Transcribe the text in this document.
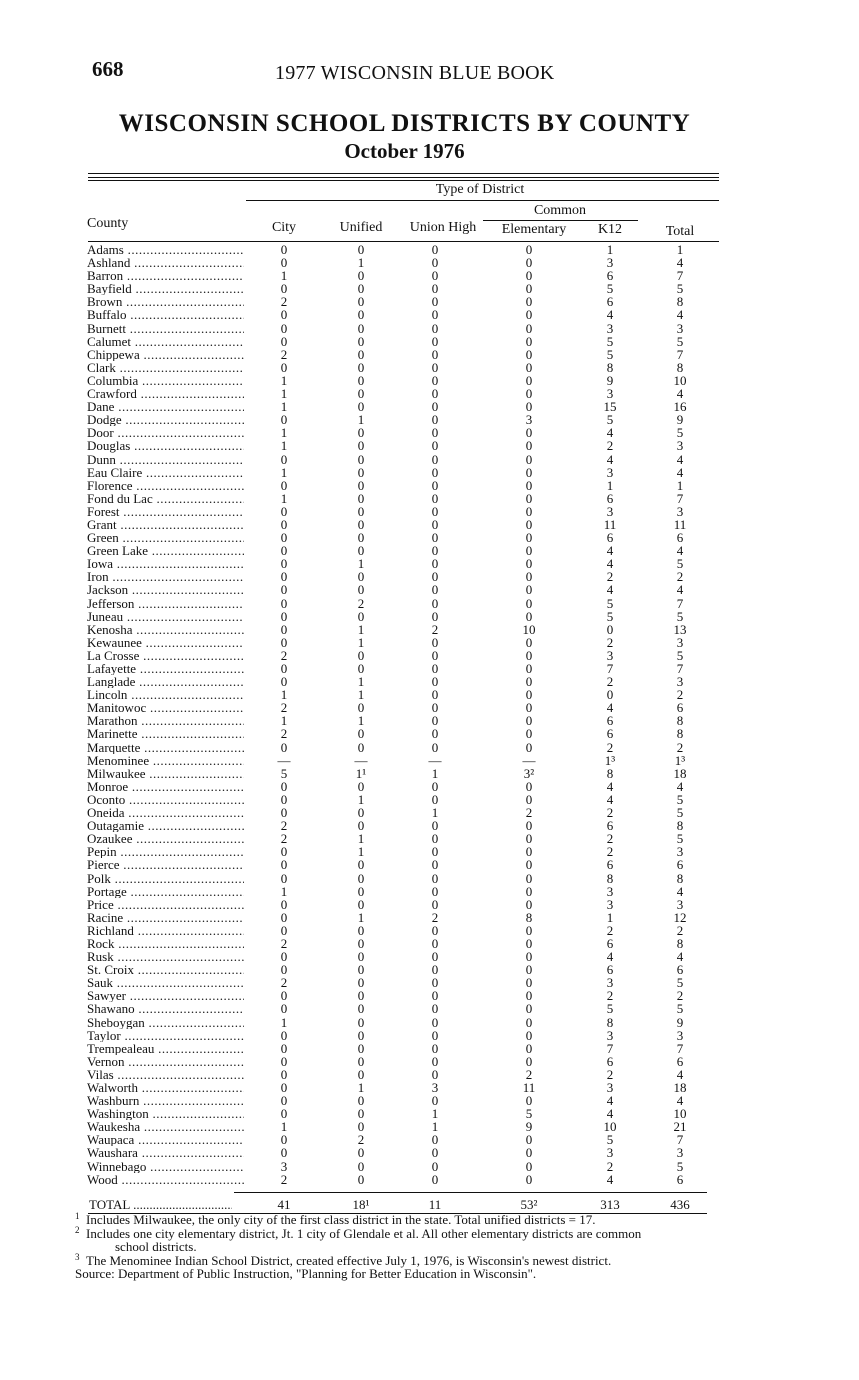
668	1977 WISCONSIN BLUE BOOK
WISCONSIN SCHOOL DISTRICTS BY COUNTY
October 1976
Type of District
Common
County	City	Unified	Union High	Elementary	K12	Total
Adams .....	0	0	0	0	1	1
Ashland .....	0	1	0	0	3	4
Barron .....	1	0	0	0	6	7
Bayfield .....	0	0	0	0	5	5
Brown .....	2	0	0	0	6	8
Buffalo .....	0	0	0	0	4	4
Burnett .....	0	0	0	0	3	3
Calumet .....	0	0	0	0	5	5
Chippewa .....	2	0	0	0	5	7
Clark .....	0	0	0	0	8	8
Columbia .....	1	0	0	0	9	10
Crawford .....	1	0	0	0	3	4
Dane .....	1	0	0	0	15	16
Dodge .....	0	1	0	3	5	9
Door .....	1	0	0	0	4	5
Douglas .....	1	0	0	0	2	3
Dunn .....	0	0	0	0	4	4
Eau Claire .....	1	0	0	0	3	4
Florence .....	0	0	0	0	1	1
Fond du Lac .....	1	0	0	0	6	7
Forest .....	0	0	0	0	3	3
Grant .....	0	0	0	0	11	11
Green .....	0	0	0	0	6	6
Green Lake .....	0	0	0	0	4	4
Iowa .....	0	1	0	0	4	5
Iron .....	0	0	0	0	2	2
Jackson .....	0	0	0	0	4	4
Jefferson .....	0	2	0	0	5	7
Juneau .....	0	0	0	0	5	5
Kenosha .....	0	1	2	10	0	13
Kewaunee .....	0	1	0	0	2	3
La Crosse .....	2	0	0	0	3	5
Lafayette .....	0	0	0	0	7	7
Langlade .....	0	1	0	0	2	3
Lincoln .....	1	1	0	0	0	2
Manitowoc .....	2	0	0	0	4	6
Marathon .....	1	1	0	0	6	8
Marinette .....	2	0	0	0	6	8
Marquette .....	0	0	0	0	2	2
Menominee .....	—	—	—	—	1³	1³
Milwaukee .....	5	1¹	1	3²	8	18
Monroe .....	0	0	0	0	4	4
Oconto .....	0	1	0	0	4	5
Oneida .....	0	0	1	2	2	5
Outagamie .....	2	0	0	0	6	8
Ozaukee .....	2	1	0	0	2	5
Pepin .....	0	1	0	0	2	3
Pierce .....	0	0	0	0	6	6
Polk .....	0	0	0	0	8	8
Portage .....	1	0	0	0	3	4
Price .....	0	0	0	0	3	3
Racine .....	0	1	2	8	1	12
Richland .....	0	0	0	0	2	2
Rock .....	2	0	0	0	6	8
Rusk .....	0	0	0	0	4	4
St. Croix .....	0	0	0	0	6	6
Sauk .....	2	0	0	0	3	5
Sawyer .....	0	0	0	0	2	2
Shawano .....	0	0	0	0	5	5
Sheboygan .....	1	0	0	0	8	9
Taylor .....	0	0	0	0	3	3
Trempealeau .....	0	0	0	0	7	7
Vernon .....	0	0	0	0	6	6
Vilas .....	0	0	0	2	2	4
Walworth .....	0	1	3	11	3	18
Washburn .....	0	0	0	0	4	4
Washington .....	0	0	1	5	4	10
Waukesha .....	1	0	1	9	10	21
Waupaca .....	0	2	0	0	5	7
Waushara .....	0	0	0	0	3	3
Winnebago .....	3	0	0	0	2	5
Wood .....	2	0	0	0	4	6
TOTAL .....	41	18¹	11	53²	313	436
1 Includes Milwaukee, the only city of the first class district in the state. Total unified districts = 17.
2 Includes one city elementary district, Jt. 1 city of Glendale et al. All other elementary districts are common
school districts.
3 The Menominee Indian School District, created effective July 1, 1976, is Wisconsin's newest district.
Source: Department of Public Instruction, "Planning for Better Education in Wisconsin".
